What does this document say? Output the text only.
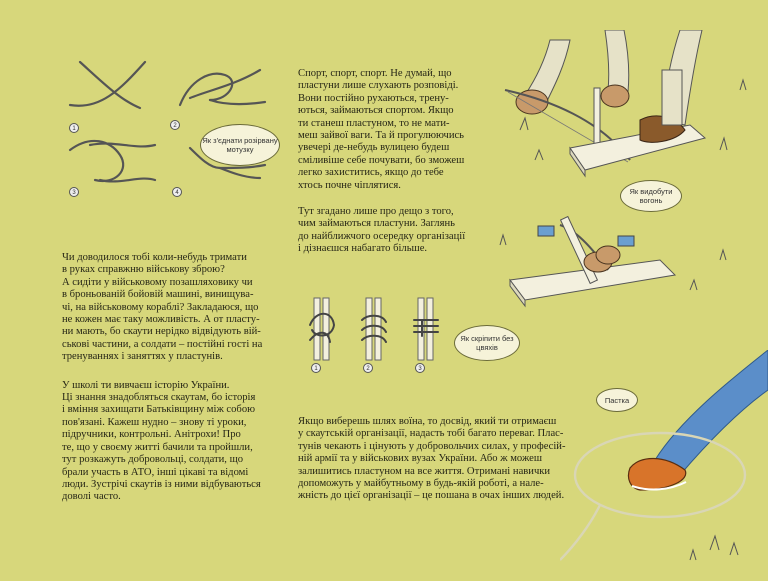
1	2
3	4
Як з'єднати розірвану мотузку

Чи доводилося тобі коли-небудь тримати
в руках справжню військову зброю?
А сидіти у військовому позашляховику чи
в броньованій бойовій машині, винищува-
чі, на військовому кораблі? Закладаюся, що
не кожен має таку можливість. А от пласту-
ни мають, бо скаути нерідко відвідують вій-
ськові частини, а солдати – постійні гості на
тренуваннях і заняттях у пластунів.

У школі ти вивчаєш історію України.
Ці знання знадобляться скаутам, бо історія
і вміння захищати Батьківщину між собою
пов'язані. Кажеш нудно – знову ті уроки,
підручники, контрольні. Анітрохи! Про
те, що у своєму житті бачили та пройшли,
тут розкажуть добровольці, солдати, що
брали участь в АТО, інші цікаві та відомі
люди. Зустрічі скаутів із ними відбуваються
доволі часто.

Спорт, спорт, спорт. Не думай, що
пластуни лише слухають розповіді.
Вони постійно рухаються, трену-
ються, займаються спортом. Якщо
ти станеш пластуном, то не мати-
меш зайвої ваги. Та й прогулюючись
увечері де-небудь вулицею будеш
сміливіше себе почувати, бо зможеш
легко захиститись, якщо до тебе
хтось почне чіплятися.

Тут згадано лише про дещо з того,
чим займаються пластуни. Заглянь
до найближчого осередку організації
і дізнаєшся набагато більше.

1	2	3
Як скріпити без цвяхів

Якщо виберешь шлях воїна, то досвід, який ти отримаєш
у скаутській організації, надасть тобі багато переваг. Плас-
тунів чекають і цінують у добровольчих силах, у професій-
ній армії та у військових вузах України. Або ж можеш
залишитись пластуном на все життя. Отримані навички
допоможуть у майбутньому в будь-якій роботі, а нале-
жність до цієї організації – це пошана в очах інших людей.

Як видобути вогонь
Пастка
